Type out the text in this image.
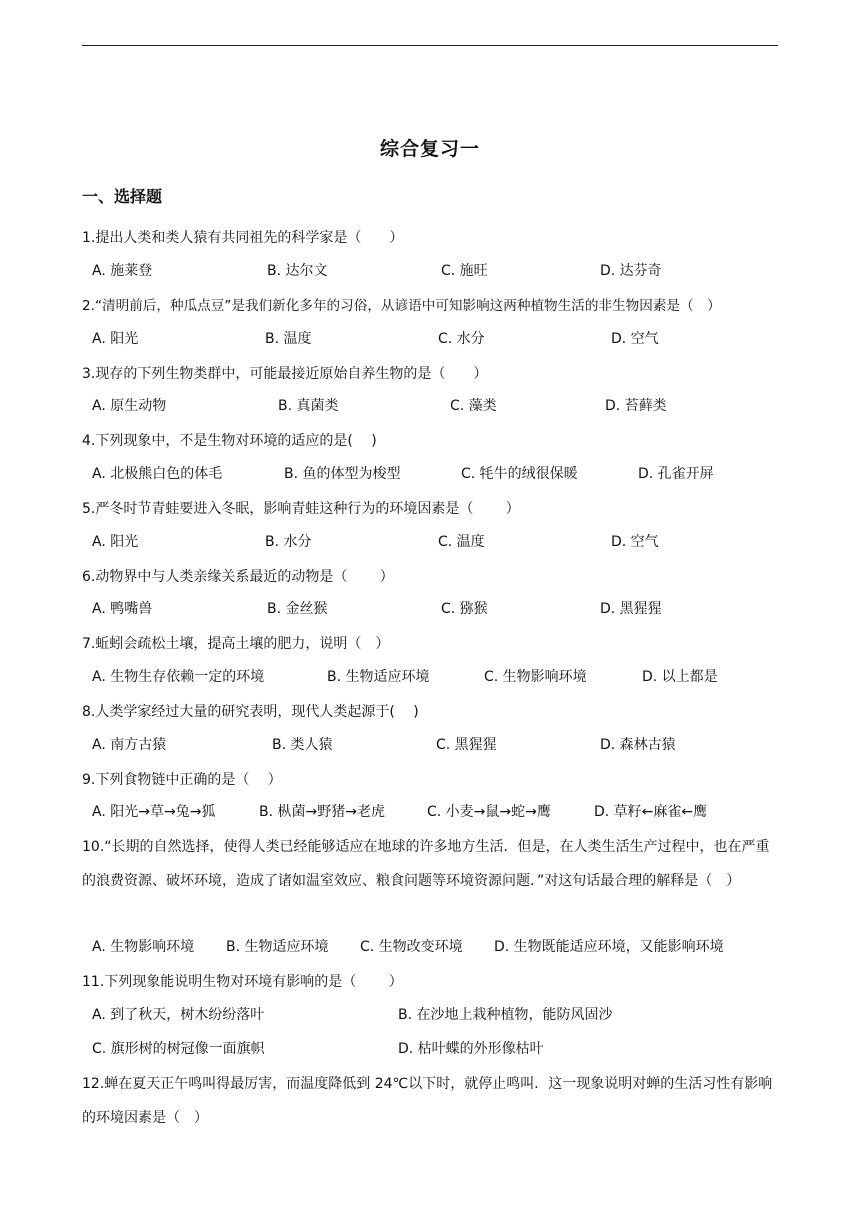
综合复习一
一、选择题
1.提出人类和类人猿有共同祖先的科学家是（　　）
A. 施莱登	B. 达尔文	C. 施旺	D. 达芬奇
2.“清明前后，种瓜点豆”是我们新化多年的习俗，从谚语中可知影响这两种植物生活的非生物因素是（　）
A. 阳光	B. 温度	C. 水分	D. 空气
3.现存的下列生物类群中，可能最接近原始自养生物的是（　　）
A. 原生动物	B. 真菌类	C. 藻类	D. 苔藓类
4.下列现象中，不是生物对环境的适应的是(　 )
A. 北极熊白色的体毛	B. 鱼的体型为梭型	C. 牦牛的绒很保暖	D. 孔雀开屏
5.严冬时节青蛙要进入冬眠，影响青蛙这种行为的环境因素是（　　 ）
A. 阳光	B. 水分	C. 温度	D. 空气
6.动物界中与人类亲缘关系最近的动物是（　　 ）
A. 鸭嘴兽	B. 金丝猴	C. 猕猴	D. 黑猩猩
7.蚯蚓会疏松土壤，提高土壤的肥力，说明（　）
A. 生物生存依赖一定的环境	B. 生物适应环境	C. 生物影响环境	D. 以上都是
8.人类学家经过大量的研究表明，现代人类起源于(　 )
A. 南方古猿	B. 类人猿	C. 黑猩猩	D. 森林古猿
9.下列食物链中正确的是（　 ）
A. 阳光→草→兔→狐	B. 枞菌→野猪→老虎	C. 小麦→鼠→蛇→鹰	D. 草籽←麻雀←鹰
10.“长期的自然选择，使得人类已经能够适应在地球的许多地方生活．但是，在人类生活生产过程中，也在严重的浪费资源、破坏环境，造成了诸如温室效应、粮食问题等环境资源问题．”对这句话最合理的解释是（　）
A. 生物影响环境 B. 生物适应环境 C. 生物改变环境 D. 生物既能适应环境，又能影响环境
11.下列现象能说明生物对环境有影响的是（　　 ）
A. 到了秋天，树木纷纷落叶	B. 在沙地上栽种植物，能防风固沙
C. 旗形树的树冠像一面旗帜	D. 枯叶蝶的外形像枯叶
12.蝉在夏天正午鸣叫得最厉害，而温度降低到 24℃以下时，就停止鸣叫．这一现象说明对蝉的生活习性有影响的环境因素是（　）
